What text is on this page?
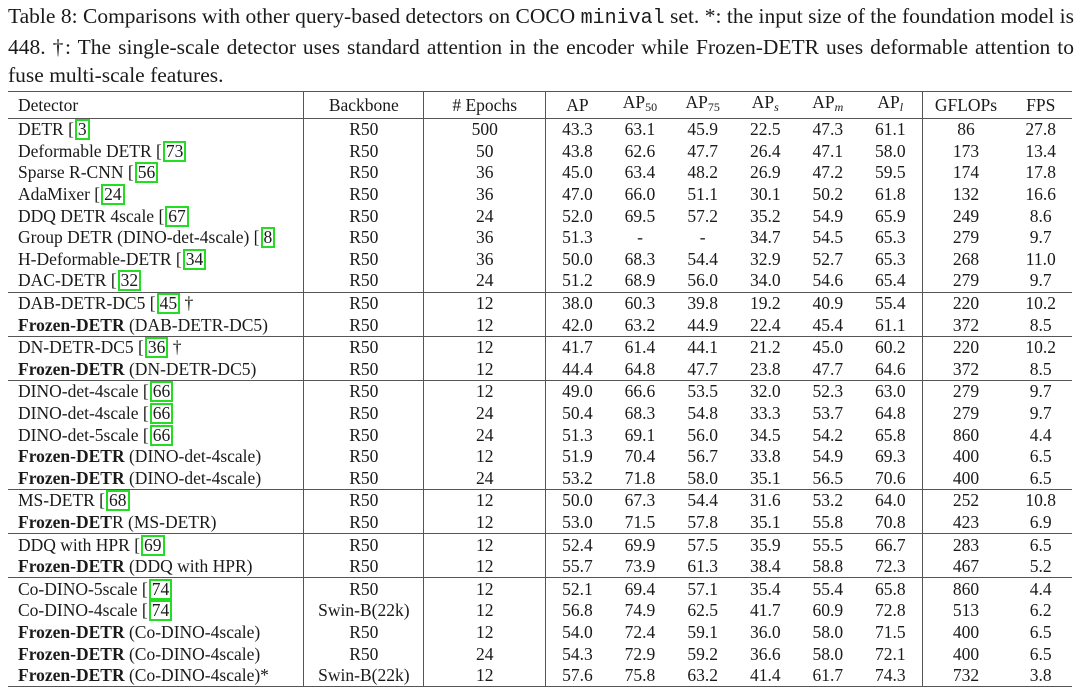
Table 8: Comparisons with other query-based detectors on COCO minival set. *: the input size of the foundation model is 448. †: The single-scale detector uses standard attention in the encoder while Frozen-DETR uses deformable attention to fuse multi-scale features.
Detector	Backbone	# Epochs	AP	$AP_{50}$	$AP_{75}$	$AP_s$	$AP_m$	$AP_l$	GFLOPs	FPS
DETR [ 3	R50	500	43.3	63.1	45.9	22.5	47.3	61.1	86	27.8
Deformable DETR [ 73	R50	50	43.8	62.6	47.7	26.4	47.1	58.0	173	13.4
Sparse R-CNN [ 56	R50	36	45.0	63.4	48.2	26.9	47.2	59.5	174	17.8
AdaMixer [ 24	R50	36	47.0	66.0	51.1	30.1	50.2	61.8	132	16.6
DDQ DETR 4scale [ 67	R50	24	52.0	69.5	57.2	35.2	54.9	65.9	249	8.6
Group DETR (DINO-det-4scale) [ 8	R50	36	51.3	-	-	34.7	54.5	65.3	279	9.7
H-Deformable-DETR [ 34	R50	36	50.0	68.3	54.4	32.9	52.7	65.3	268	11.0
DAC-DETR [ 32	R50	24	51.2	68.9	56.0	34.0	54.6	65.4	279	9.7
DAB-DETR-DC5 [ 45 †	R50	12	38.0	60.3	39.8	19.2	40.9	55.4	220	10.2
Frozen-DETR (DAB-DETR-DC5)	R50	12	42.0	63.2	44.9	22.4	45.4	61.1	372	8.5
DN-DETR-DC5 [ 36 †	R50	12	41.7	61.4	44.1	21.2	45.0	60.2	220	10.2
Frozen-DETR (DN-DETR-DC5)	R50	12	44.4	64.8	47.7	23.8	47.7	64.6	372	8.5
DINO-det-4scale [ 66	R50	12	49.0	66.6	53.5	32.0	52.3	63.0	279	9.7
DINO-det-4scale [ 66	R50	24	50.4	68.3	54.8	33.3	53.7	64.8	279	9.7
DINO-det-5scale [ 66	R50	24	51.3	69.1	56.0	34.5	54.2	65.8	860	4.4
Frozen-DETR (DINO-det-4scale)	R50	12	51.9	70.4	56.7	33.8	54.9	69.3	400	6.5
Frozen-DETR (DINO-det-4scale)	R50	24	53.2	71.8	58.0	35.1	56.5	70.6	400	6.5
MS-DETR [ 68	R50	12	50.0	67.3	54.4	31.6	53.2	64.0	252	10.8
Frozen-DETR (MS-DETR)	R50	12	53.0	71.5	57.8	35.1	55.8	70.8	423	6.9
DDQ with HPR [ 69	R50	12	52.4	69.9	57.5	35.9	55.5	66.7	283	6.5
Frozen-DETR (DDQ with HPR)	R50	12	55.7	73.9	61.3	38.4	58.8	72.3	467	5.2
Co-DINO-5scale [ 74	R50	12	52.1	69.4	57.1	35.4	55.4	65.8	860	4.4
Co-DINO-4scale [ 74	Swin-B(22k)	12	56.8	74.9	62.5	41.7	60.9	72.8	513	6.2
Frozen-DETR (Co-DINO-4scale)	R50	12	54.0	72.4	59.1	36.0	58.0	71.5	400	6.5
Frozen-DETR (Co-DINO-4scale)	R50	24	54.3	72.9	59.2	36.6	58.0	72.1	400	6.5
Frozen-DETR (Co-DINO-4scale)*	Swin-B(22k)	12	57.6	75.8	63.2	41.4	61.7	74.3	732	3.8
